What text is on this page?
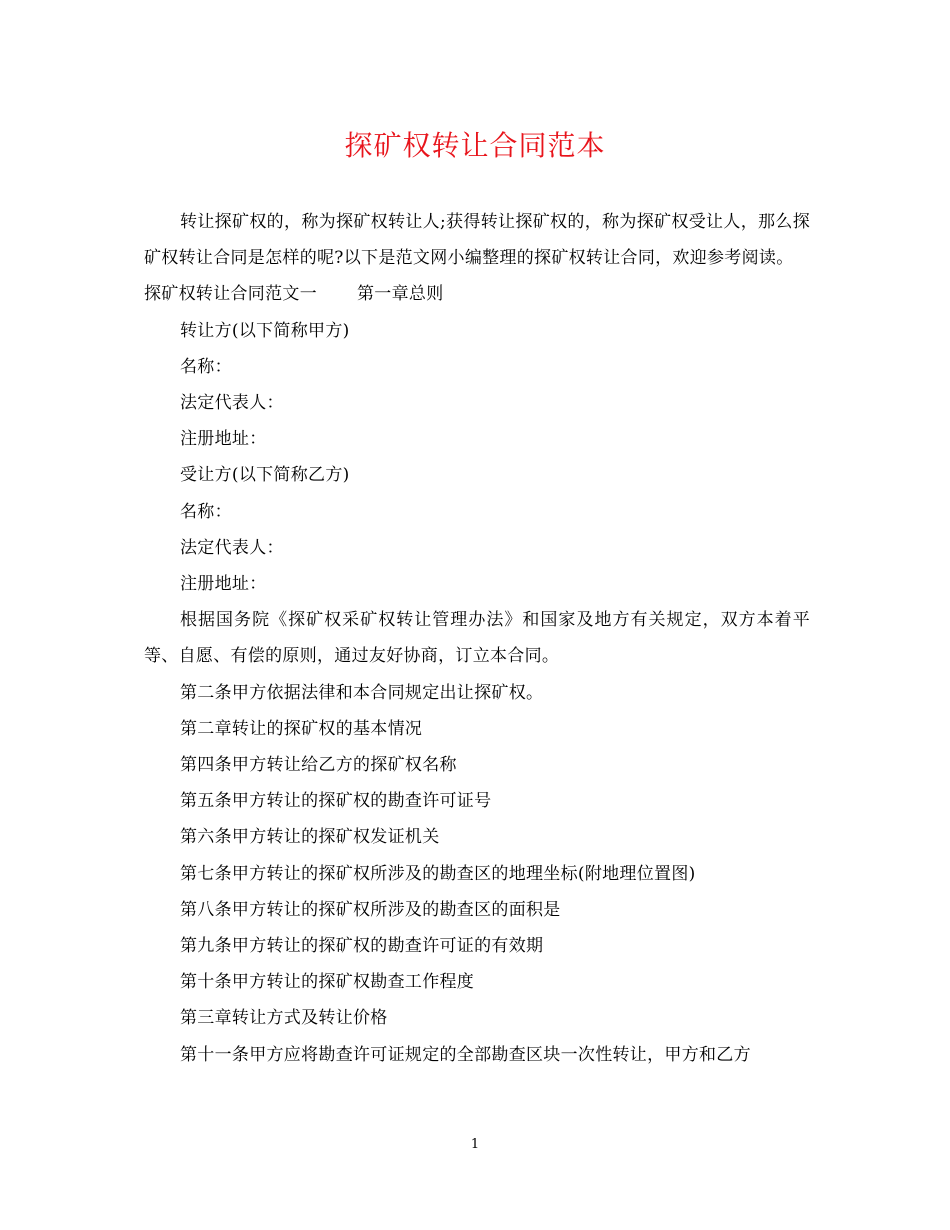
探矿权转让合同范本

转让探矿权的，称为探矿权转让人;获得转让探矿权的，称为探矿权受让人，那么探矿权转让合同是怎样的呢?以下是范文网小编整理的探矿权转让合同，欢迎参考阅读。

探矿权转让合同范文一 第一章总则

转让方(以下简称甲方)

名称：

法定代表人：

注册地址：

受让方(以下简称乙方)

名称：

法定代表人：

注册地址：

根据国务院《探矿权采矿权转让管理办法》和国家及地方有关规定，双方本着平等、自愿、有偿的原则，通过友好协商，订立本合同。

第二条甲方依据法律和本合同规定出让探矿权。

第二章转让的探矿权的基本情况

第四条甲方转让给乙方的探矿权名称

第五条甲方转让的探矿权的勘查许可证号

第六条甲方转让的探矿权发证机关

第七条甲方转让的探矿权所涉及的勘查区的地理坐标(附地理位置图)

第八条甲方转让的探矿权所涉及的勘查区的面积是

第九条甲方转让的探矿权的勘查许可证的有效期

第十条甲方转让的探矿权勘查工作程度

第三章转让方式及转让价格

第十一条甲方应将勘查许可证规定的全部勘查区块一次性转让，甲方和乙方

1
